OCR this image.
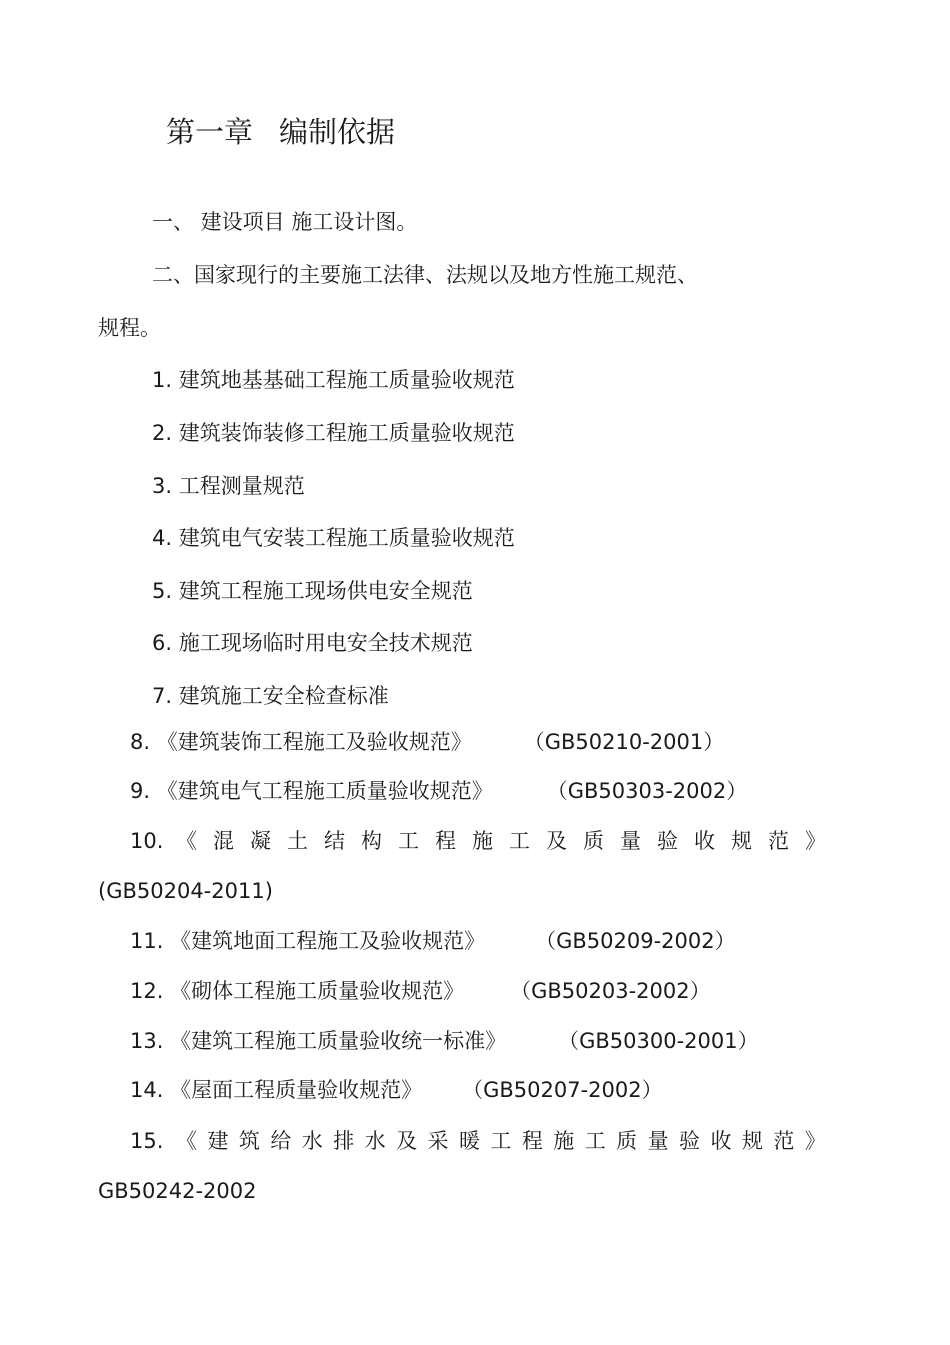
第一章 编制依据
一、 建设项目 施工设计图。
二、国家现行的主要施工法律、法规以及地方性施工规范、
规程。
1. 建筑地基基础工程施工质量验收规范
2. 建筑装饰装修工程施工质量验收规范
3. 工程测量规范
4. 建筑电气安装工程施工质量验收规范
5. 建筑工程施工现场供电安全规范
6. 施工现场临时用电安全技术规范
7. 建筑施工安全检查标准
8. 《建筑装饰工程施工及验收规范》 （GB50210-2001）
9. 《建筑电气工程施工质量验收规范》	（GB50303-2002）
10. 《 混 凝 土 结 构 工 程 施 工 及 质 量 验 收 规 范 》
(GB50204-2011)
11. 《建筑地面工程施工及验收规范》 （GB50209-2002）
12. 《砌体工程施工质量验收规范》 （GB50203-2002）
13. 《建筑工程施工质量验收统一标准》 （GB50300-2001）
14. 《屋面工程质量验收规范》 （GB50207-2002）
15. 《 建 筑 给 水 排 水 及 采 暖 工 程 施 工 质 量 验 收 规 范 》
GB50242-2002
